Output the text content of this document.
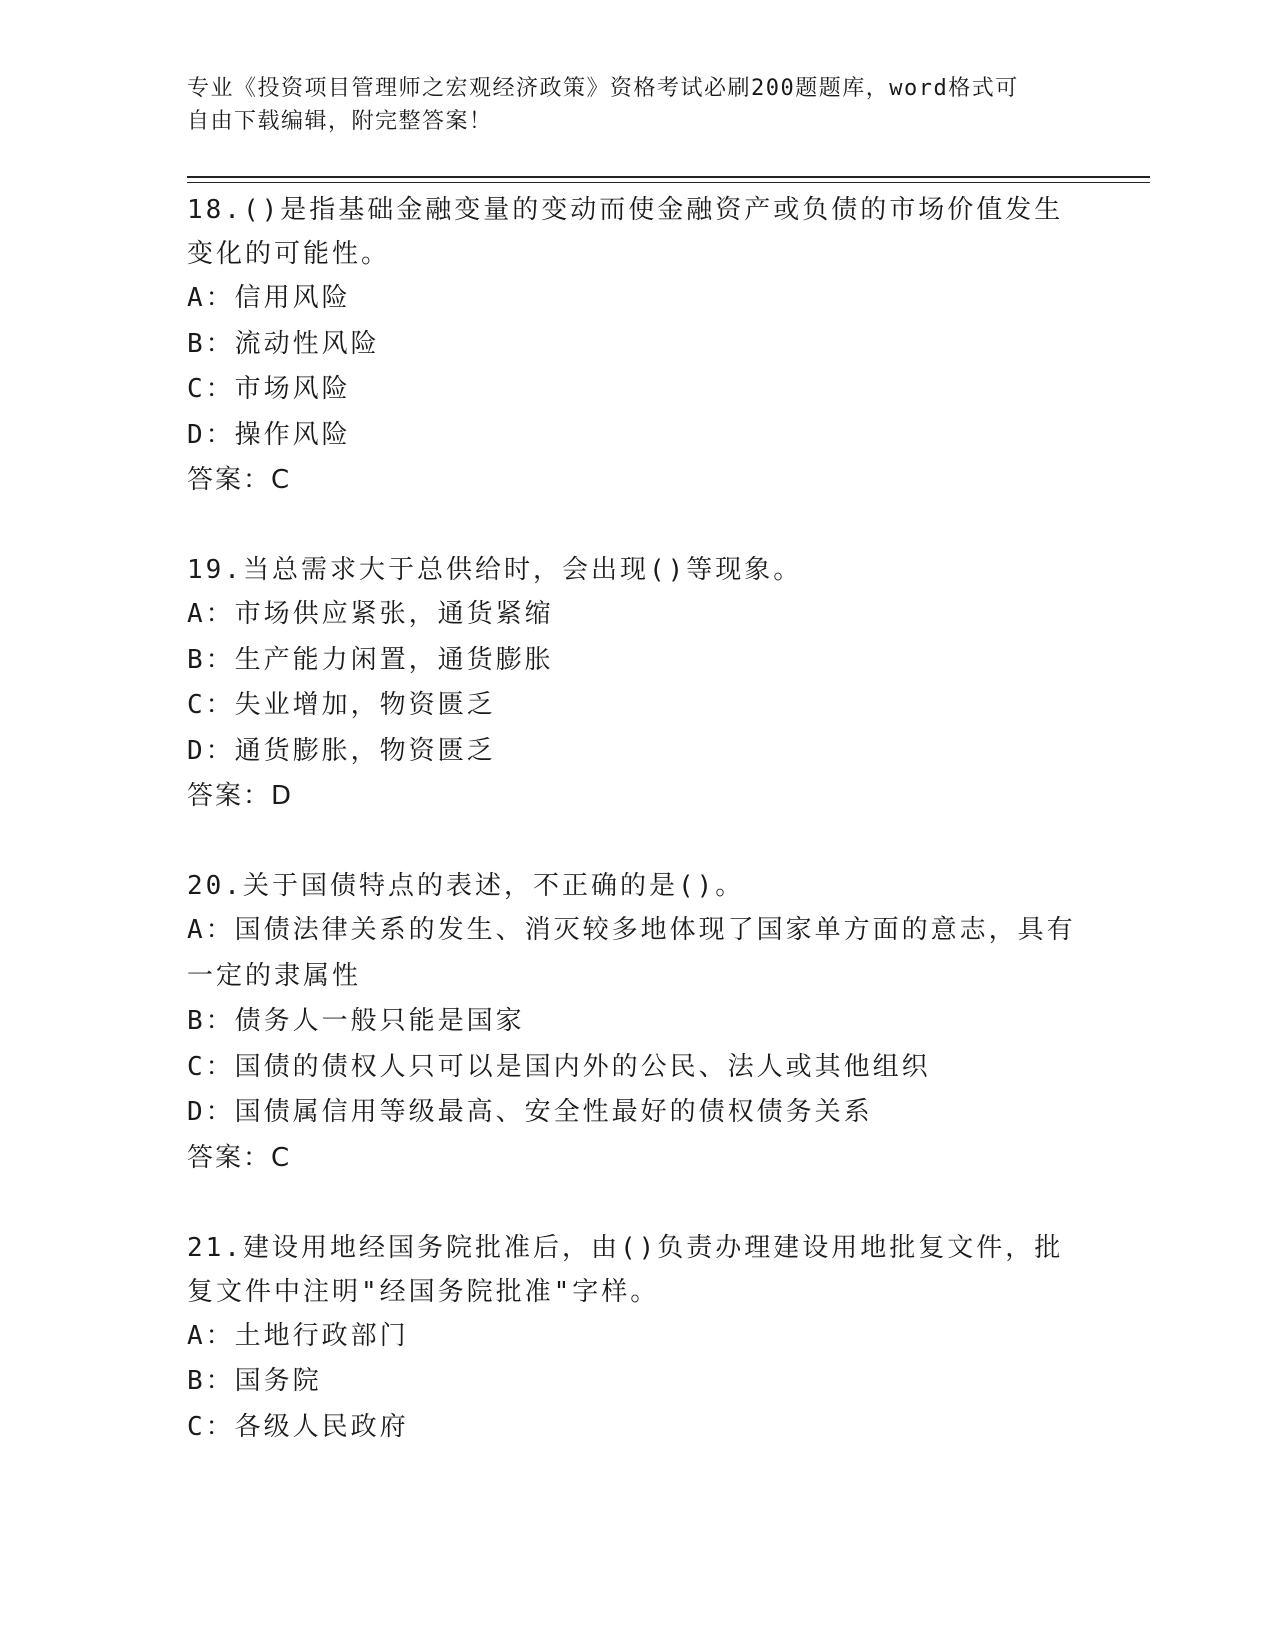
专业《投资项目管理师之宏观经济政策》资格考试必刷200题题库，word格式可
自由下载编辑，附完整答案！

18.()是指基础金融变量的变动而使金融资产或负债的市场价值发生变化的可能性。

A：信用风险

B：流动性风险

C：市场风险

D：操作风险

答案：C

19.当总需求大于总供给时，会出现()等现象。

A：市场供应紧张，通货紧缩

B：生产能力闲置，通货膨胀

C：失业增加，物资匮乏

D：通货膨胀，物资匮乏

答案：D

20.关于国债特点的表述，不正确的是()。

A：国债法律关系的发生、消灭较多地体现了国家单方面的意志，具有一定的隶属性

B：债务人一般只能是国家

C：国债的债权人只可以是国内外的公民、法人或其他组织

D：国债属信用等级最高、安全性最好的债权债务关系

答案：C

21.建设用地经国务院批准后，由()负责办理建设用地批复文件，批复文件中注明"经国务院批准"字样。

A：土地行政部门

B：国务院

C：各级人民政府
